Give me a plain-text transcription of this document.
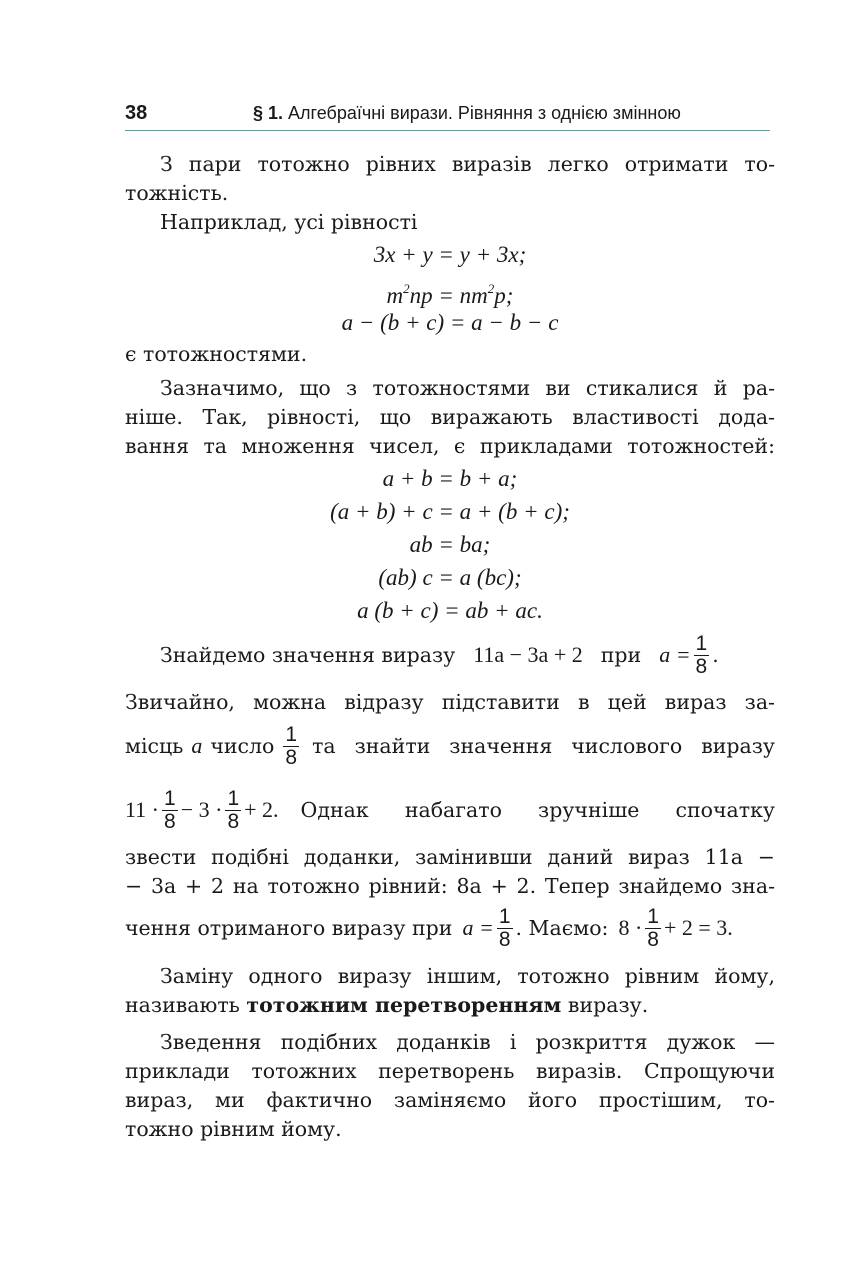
38	§ 1. Алгебраїчні вирази. Рівняння з однією змінною
З пари тотожно рівних виразів легко отримати то-
тожність.
Наприклад, усі рівності
3x + y = y + 3x;
$m^2np = nm^2p$;
a − (b + c) = a − b − c
є тотожностями.
Зазначимо, що з тотожностями ви стикалися й ра-
ніше. Так, рівності, що виражають властивості дода-
вання та множення чисел, є прикладами тотожностей:
a + b = b + a;
(a + b) + c = a + (b + c);
ab = ba;
(ab) c = a (bc);
a (b + c) = ab + ac.
Знайдемо значення виразу 11a − 3a + 2 при $a = \frac{1}{8}$ .
Звичайно, можна відразу підставити в цей вираз за-
місць a число $\frac{1}{8}$ та знайти значення числового виразу
$11 \cdot \frac{1}{8} - 3 \cdot \frac{1}{8} + 2$. Однак набагато зручніше спочатку
звести подібні доданки, замінивши даний вираз 11a −
− 3a + 2 на тотожно рівний: 8a + 2. Тепер знайдемо зна-
чення отриманого виразу при $a = \frac{1}{8}$ . Маємо: $8 \cdot \frac{1}{8} + 2 = 3$.
Заміну одного виразу іншим, тотожно рівним йому,
називають тотожним перетворенням виразу.
Зведення подібних доданків і розкриття дужок —
приклади тотожних перетворень виразів. Спрощуючи
вираз, ми фактично заміняємо його простішим, то-
тожно рівним йому.
